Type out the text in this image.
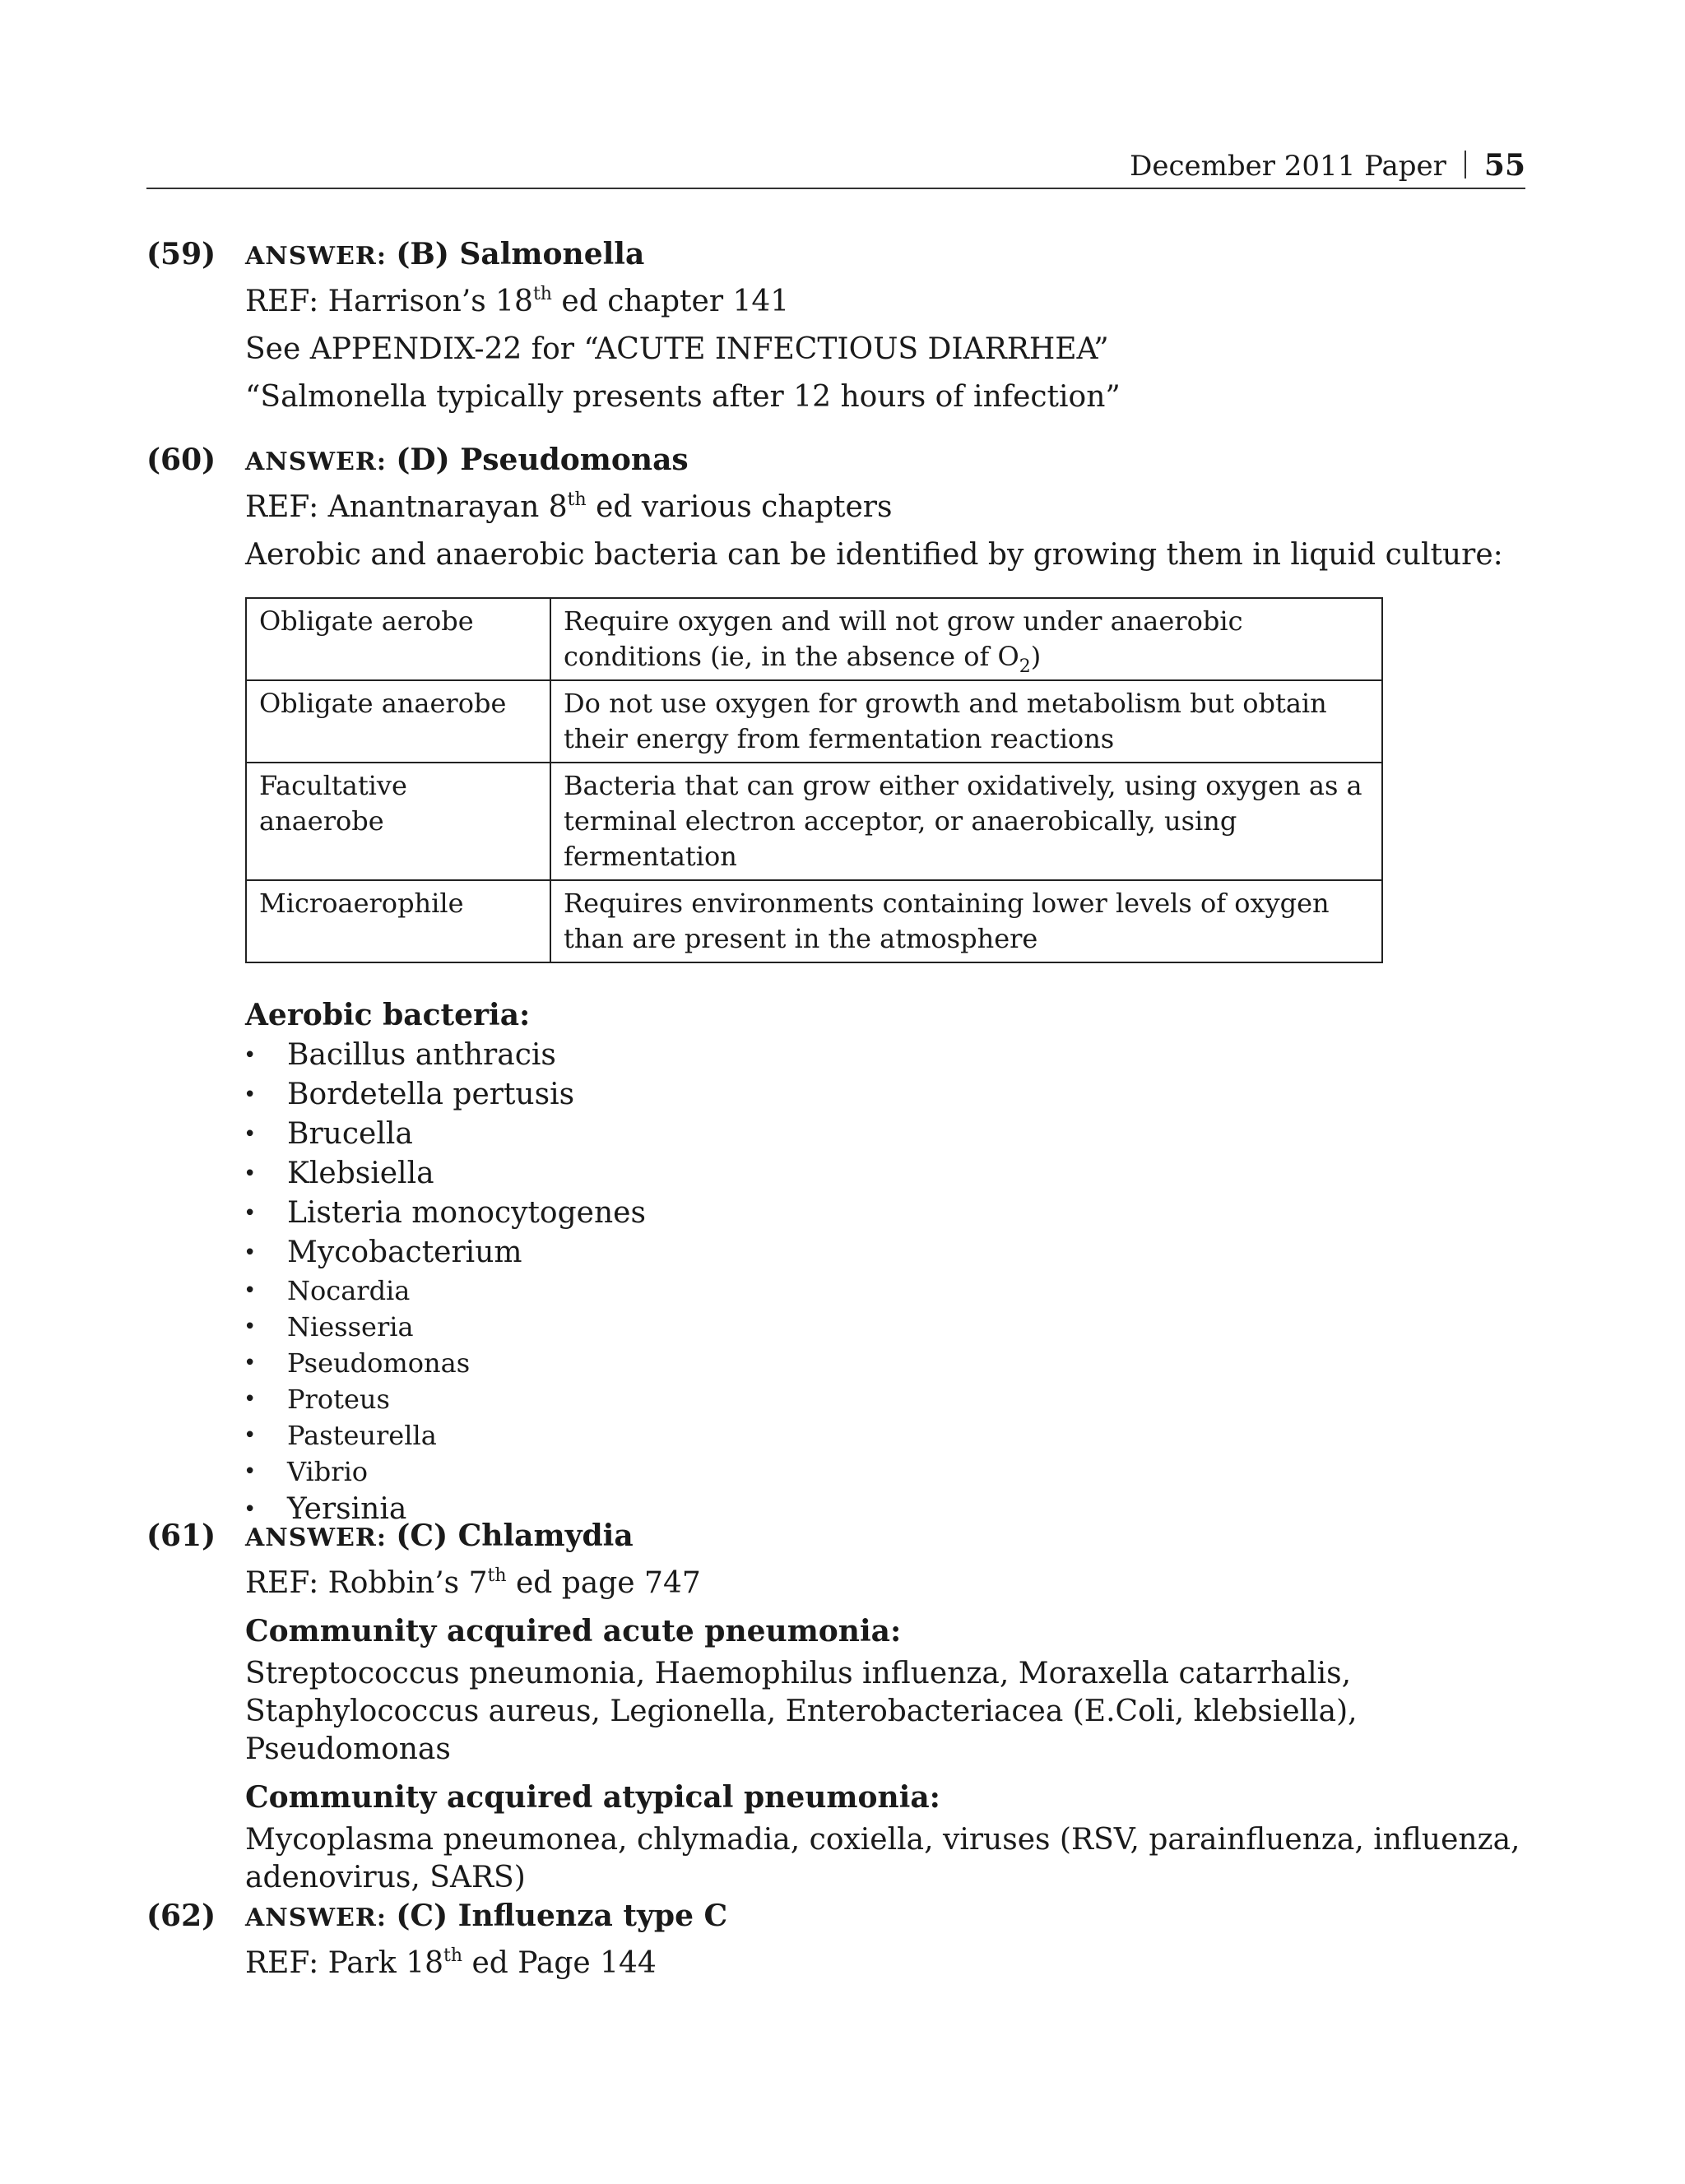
December 2011 Paper 55
(59) ANSWER: (B) Salmonella
REF: Harrison’s 18th ed chapter 141
See APPENDIX-22 for “ACUTE INFECTIOUS DIARRHEA”
“Salmonella typically presents after 12 hours of infection”
(60) ANSWER: (D) Pseudomonas
REF: Anantnarayan 8th ed various chapters
Aerobic and anaerobic bacteria can be identified by growing them in liquid culture:
Obligate aerobe	Require oxygen and will not grow under anaerobic conditions (ie, in the absence of $O_2$)
Obligate anaerobe	Do not use oxygen for growth and metabolism but obtain their energy from fermentation reactions
Facultative anaerobe	Bacteria that can grow either oxidatively, using oxygen as a terminal electron acceptor, or anaerobically, using fermentation
Microaerophile	Requires environments containing lower levels of oxygen than are present in the atmosphere
Aerobic bacteria:
• Bacillus anthracis
• Bordetella pertusis
• Brucella
• Klebsiella
• Listeria monocytogenes
• Mycobacterium
• Nocardia
• Niesseria
• Pseudomonas
• Proteus
• Pasteurella
• Vibrio
• Yersinia
(61) ANSWER: (C) Chlamydia
REF: Robbin’s 7th ed page 747
Community acquired acute pneumonia:
Streptococcus pneumonia, Haemophilus influenza, Moraxella catarrhalis, Staphylococcus aureus, Legionella, Enterobacteriacea (E.Coli, klebsiella), Pseudomonas
Community acquired atypical pneumonia:
Mycoplasma pneumonea, chlymadia, coxiella, viruses (RSV, parainfluenza, influenza, adenovirus, SARS)
(62) ANSWER: (C) Influenza type C
REF: Park 18th ed Page 144
